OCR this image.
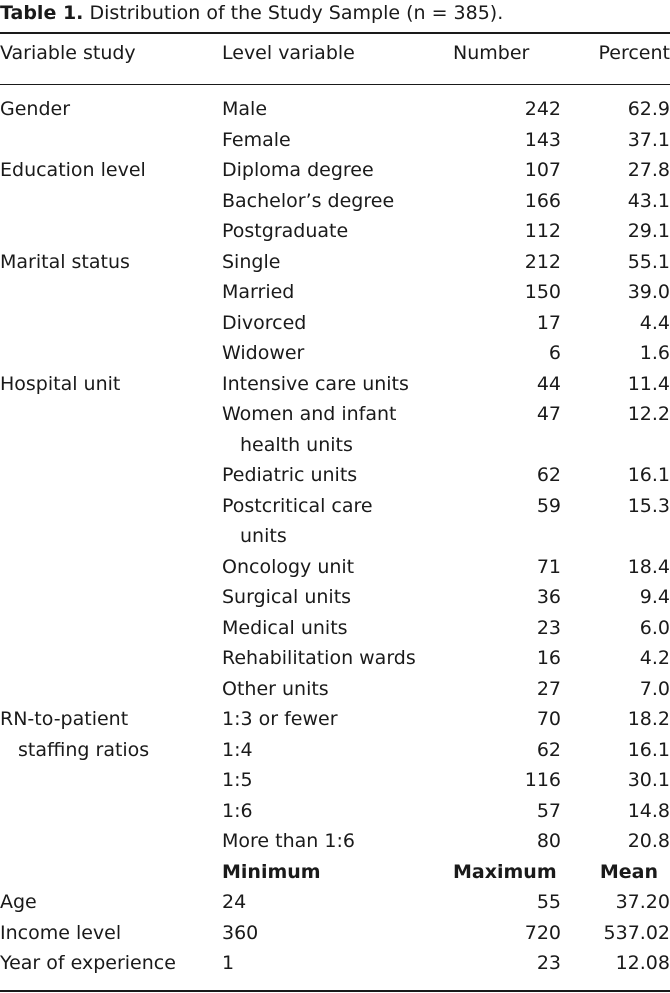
Table 1. Distribution of the Study Sample (n = 385).
Variable study	Level variable	Number	Percent
Gender	Male	242	62.9
	Female	143	37.1
Education level	Diploma degree	107	27.8
	Bachelor’s degree	166	43.1
	Postgraduate	112	29.1
Marital status	Single	212	55.1
	Married	150	39.0
	Divorced	17	4.4
	Widower	6	1.6
Hospital unit	Intensive care units	44	11.4
	Women and infant	47	12.2
	health units		
	Pediatric units	62	16.1
	Postcritical care	59	15.3
	units		
	Oncology unit	71	18.4
	Surgical units	36	9.4
	Medical units	23	6.0
	Rehabilitation wards	16	4.2
	Other units	27	7.0
RN-to-patient	1:3 or fewer	70	18.2
staffing ratios	1:4	62	16.1
	1:5	116	30.1
	1:6	57	14.8
	More than 1:6	80	20.8
	Minimum	Maximum	Mean
Age	24	55	37.20
Income level	360	720	537.02
Year of experience	1	23	12.08
